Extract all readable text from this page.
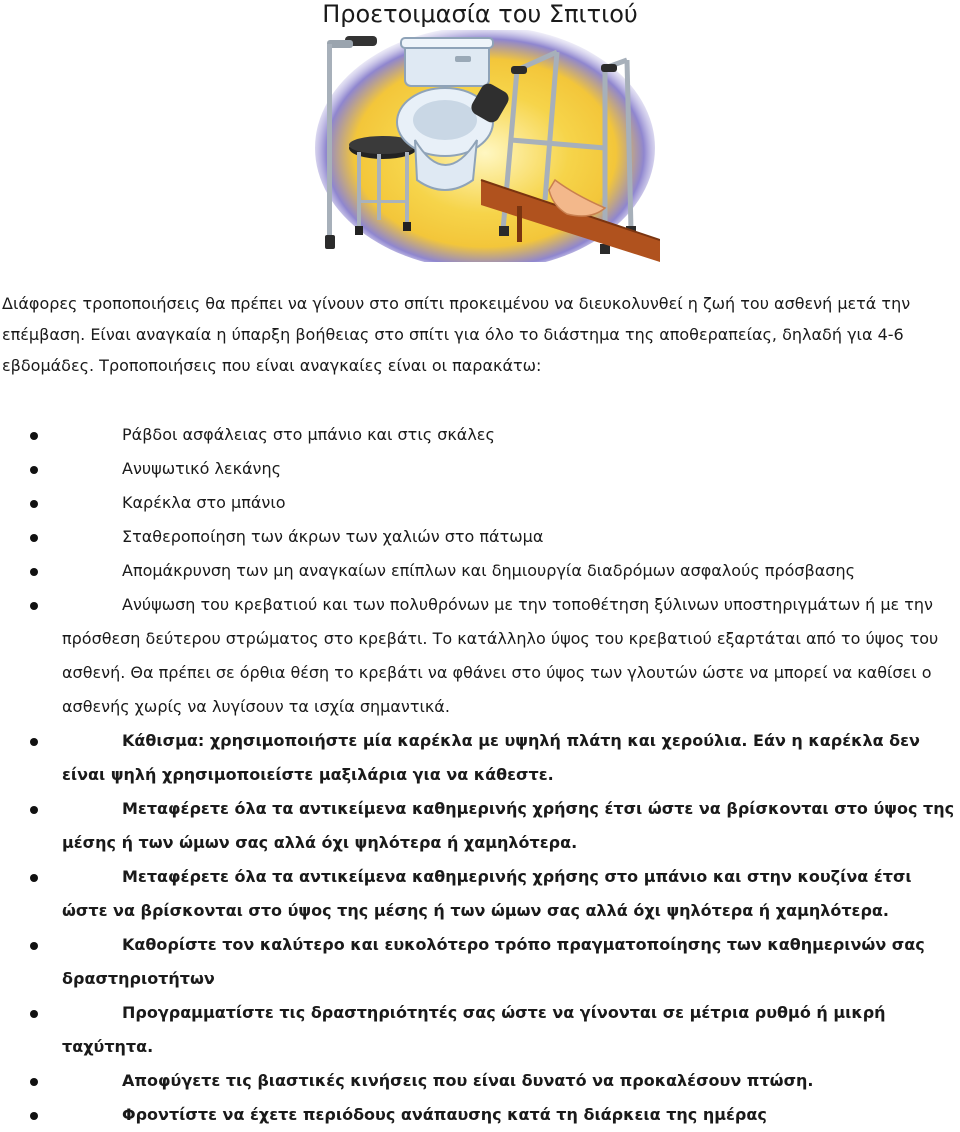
Προετοιμασία του Σπιτιού

Διάφορες τροποποιήσεις θα πρέπει να γίνουν στο σπίτι προκειμένου να διευκολυνθεί η ζωή του ασθενή μετά την επέμβαση. Είναι αναγκαία η ύπαρξη βοήθειας στο σπίτι για όλο το διάστημα της αποθεραπείας, δηλαδή για 4-6 εβδομάδες. Τροποποιήσεις που είναι αναγκαίες είναι οι παρακάτω:

Ράβδοι ασφάλειας στο μπάνιο και στις σκάλες
Ανυψωτικό λεκάνης
Καρέκλα στο μπάνιο
Σταθεροποίηση των άκρων των χαλιών στο πάτωμα
Απομάκρυνση των μη αναγκαίων επίπλων και δημιουργία διαδρόμων ασφαλούς πρόσβασης
Ανύψωση του κρεβατιού και των πολυθρόνων με την τοποθέτηση ξύλινων υποστηριγμάτων ή με την πρόσθεση δεύτερου στρώματος στο κρεβάτι. Το κατάλληλο ύψος του κρεβατιού εξαρτάται από το ύψος του ασθενή. Θα πρέπει σε όρθια θέση το κρεβάτι να φθάνει στο ύψος των γλουτών ώστε να μπορεί να καθίσει ο ασθενής χωρίς να λυγίσουν τα ισχία σημαντικά.
Κάθισμα: χρησιμοποιήστε μία καρέκλα με υψηλή πλάτη και χερούλια. Εάν η καρέκλα δεν είναι ψηλή χρησιμοποιείστε μαξιλάρια για να κάθεστε.
Μεταφέρετε όλα τα αντικείμενα καθημερινής χρήσης έτσι ώστε να βρίσκονται στο ύψος της μέσης ή των ώμων σας αλλά όχι ψηλότερα ή χαμηλότερα.
Μεταφέρετε όλα τα αντικείμενα καθημερινής χρήσης στο μπάνιο και στην κουζίνα έτσι ώστε να βρίσκονται στο ύψος της μέσης ή των ώμων σας αλλά όχι ψηλότερα ή χαμηλότερα.
Καθορίστε τον καλύτερο και ευκολότερο τρόπο πραγματοποίησης των καθημερινών σας δραστηριοτήτων
Προγραμματίστε τις δραστηριότητές σας ώστε να γίνονται σε μέτρια ρυθμό ή μικρή ταχύτητα.
Αποφύγετε τις βιαστικές κινήσεις που είναι δυνατό να προκαλέσουν πτώση.
Φροντίστε να έχετε περιόδους ανάπαυσης κατά τη διάρκεια της ημέρας
